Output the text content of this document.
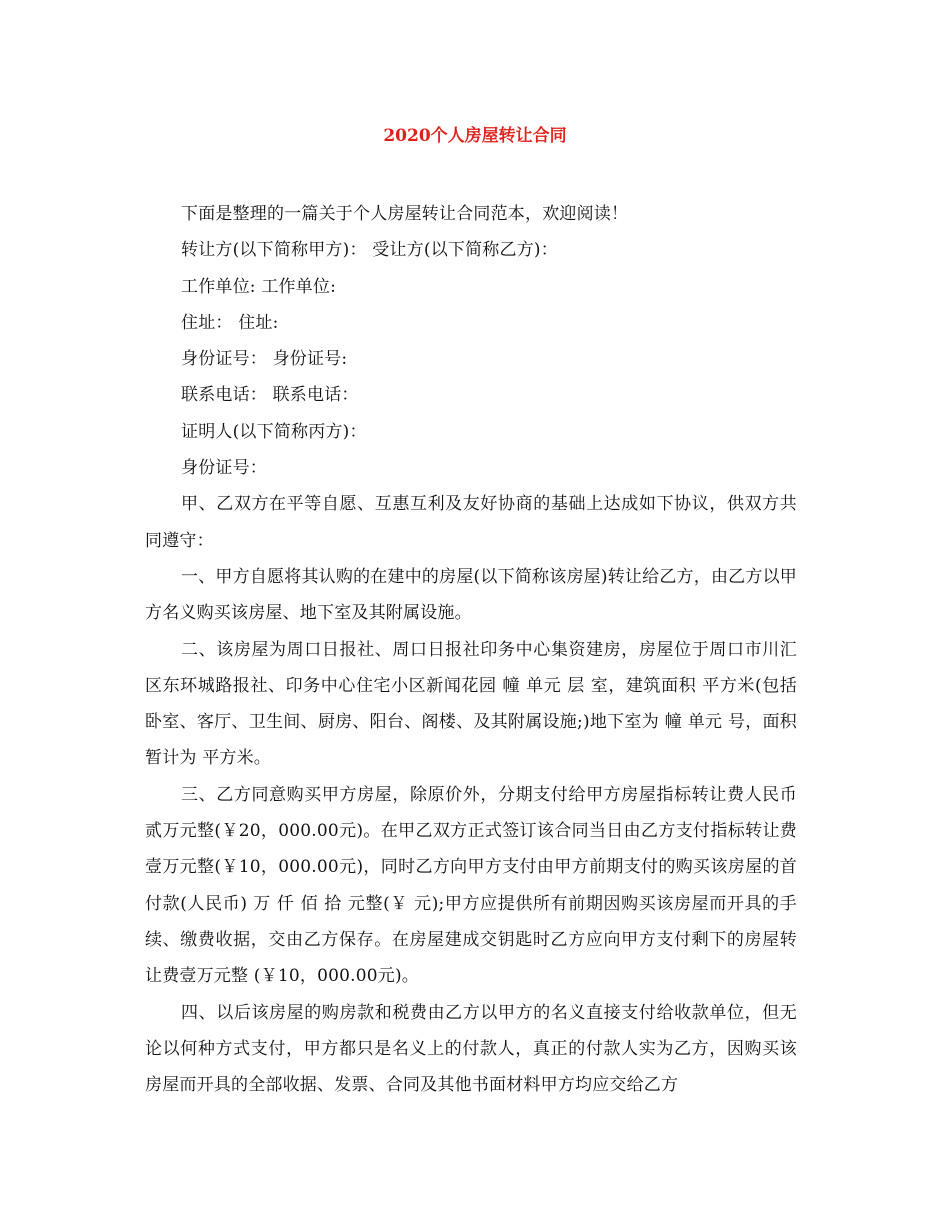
2020个人房屋转让合同

下面是整理的一篇关于个人房屋转让合同范本，欢迎阅读！

转让方(以下简称甲方)： 受让方(以下简称乙方)：

工作单位: 工作单位:

住址： 住址:

身份证号： 身份证号:

联系电话： 联系电话：

证明人(以下简称丙方)：

身份证号：

甲、乙双方在平等自愿、互惠互利及友好协商的基础上达成如下协议，供双方共同遵守：

一、甲方自愿将其认购的在建中的房屋(以下简称该房屋)转让给乙方，由乙方以甲方名义购买该房屋、地下室及其附属设施。

二、该房屋为周口日报社、周口日报社印务中心集资建房，房屋位于周口市川汇区东环城路报社、印务中心住宅小区新闻花园 幢 单元 层 室，建筑面积 平方米(包括卧室、客厅、卫生间、厨房、阳台、阁楼、及其附属设施;)地下室为 幢 单元 号，面积暂计为 平方米。

三、乙方同意购买甲方房屋，除原价外，分期支付给甲方房屋指标转让费人民币贰万元整(￥20，000.00元)。在甲乙双方正式签订该合同当日由乙方支付指标转让费壹万元整(￥10，000.00元)，同时乙方向甲方支付由甲方前期支付的购买该房屋的首付款(人民币) 万 仟 佰 拾 元整(￥ 元);甲方应提供所有前期因购买该房屋而开具的手续、缴费收据，交由乙方保存。在房屋建成交钥匙时乙方应向甲方支付剩下的房屋转让费壹万元整 (￥10，000.00元)。

四、以后该房屋的购房款和税费由乙方以甲方的名义直接支付给收款单位，但无论以何种方式支付，甲方都只是名义上的付款人，真正的付款人实为乙方，因购买该房屋而开具的全部收据、发票、合同及其他书面材料甲方均应交给乙方
